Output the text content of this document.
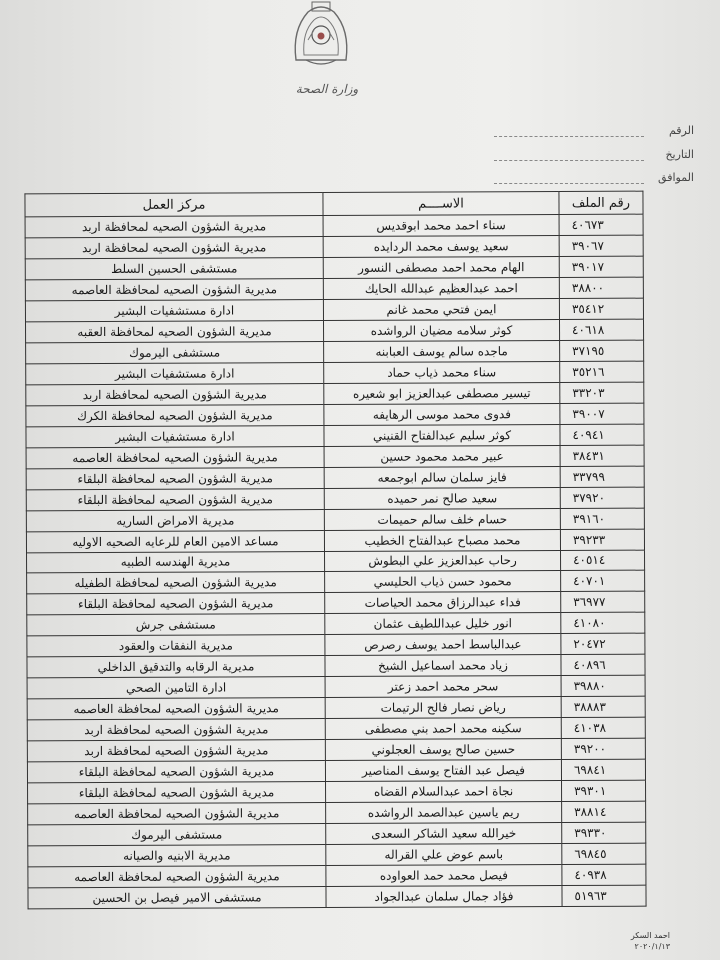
وزارة الصحة
الرقم
التاريخ
الموافق
رقم الملف	الاســــم	مركز العمل
٤٠٦٧٣	سناء احمد محمد ابوقديس	مديرية الشؤون الصحيه لمحافظة اربد
٣٩٠٦٧	سعيد يوسف محمد الردايده	مديرية الشؤون الصحيه لمحافظة اربد
٣٩٠١٧	الهام محمد احمد مصطفى النسور	مستشفى الحسين السلط
٣٨٨٠٠	احمد عبدالعظيم عبدالله الحايك	مديرية الشؤون الصحيه لمحافظة العاصمه
٣٥٤١٢	ايمن فتحي محمد غانم	ادارة مستشفيات البشير
٤٠٦١٨	كوثر سلامه مضيان الرواشده	مديرية الشؤون الصحيه لمحافظة العقبه
٣٧١٩٥	ماجده سالم يوسف العبابنه	مستشفى اليرموك
٣٥٢١٦	سناء محمد ذياب حماد	ادارة مستشفيات البشير
٣٣٢٠٣	تيسير مصطفى عبدالعزيز ابو شعيره	مديرية الشؤون الصحيه لمحافظة اربد
٣٩٠٠٧	فدوى محمد موسى الرهايفه	مديرية الشؤون الصحيه لمحافظة الكرك
٤٠٩٤١	كوثر سليم عبدالفتاح القنيني	ادارة مستشفيات البشير
٣٨٤٣١	عبير محمد محمود حسين	مديرية الشؤون الصحيه لمحافظة العاصمه
٣٣٧٩٩	فايز سلمان سالم ابوجمعه	مديرية الشؤون الصحيه لمحافظة البلقاء
٣٧٩٢٠	سعيد صالح نمر حميده	مديرية الشؤون الصحيه لمحافظة البلقاء
٣٩١٦٠	حسام خلف سالم حميمات	مديرية الامراض الساريه
٣٩٢٣٣	محمد مصباح عبدالفتاح الخطيب	مساعد الامين العام للرعايه الصحيه الاوليه
٤٠٥١٤	رحاب عبدالعزيز علي البطوش	مديرية الهندسه الطبيه
٤٠٧٠١	محمود حسن ذياب الحليسي	مديرية الشؤون الصحيه لمحافظة الطفيله
٣٦٩٧٧	فداء عبدالرزاق محمد الحياصات	مديرية الشؤون الصحيه لمحافظة البلقاء
٤١٠٨٠	انور خليل عبداللطيف عثمان	مستشفى جرش
٢٠٤٧٢	عبدالباسط احمد يوسف رصرص	مديرية النفقات والعقود
٤٠٨٩٦	زياد محمد اسماعيل الشيخ	مديرية الرقابه والتدقيق الداخلي
٣٩٨٨٠	سحر محمد احمد زعتر	ادارة التامين الصحي
٣٨٨٨٣	رياض نصار فالح الرتيمات	مديرية الشؤون الصحيه لمحافظة العاصمه
٤١٠٣٨	سكينه محمد احمد بني مصطفى	مديرية الشؤون الصحيه لمحافظة اربد
٣٩٢٠٠	حسين صالح يوسف العجلوني	مديرية الشؤون الصحيه لمحافظة اربد
٦٩٨٤١	فيصل عبد الفتاح يوسف المناصير	مديرية الشؤون الصحيه لمحافظة البلقاء
٣٩٣٠١	نجاة احمد عبدالسلام القضاه	مديرية الشؤون الصحيه لمحافظة البلقاء
٣٨٨١٤	ريم ياسين عبدالصمد الرواشده	مديرية الشؤون الصحيه لمحافظة العاصمه
٣٩٣٣٠	خيرالله سعيد الشاكر السعدى	مستشفى اليرموك
٦٩٨٤٥	باسم عوض علي القراله	مديرية الابنيه والصيانه
٤٠٩٣٨	فيصل محمد حمد العواوده	مديرية الشؤون الصحيه لمحافظة العاصمه
٥١٩٦٣	فؤاد جمال سلمان عبدالجواد	مستشفى الامير فيصل بن الحسين
احمد السكر
٢٠٢٠/١/١٣
